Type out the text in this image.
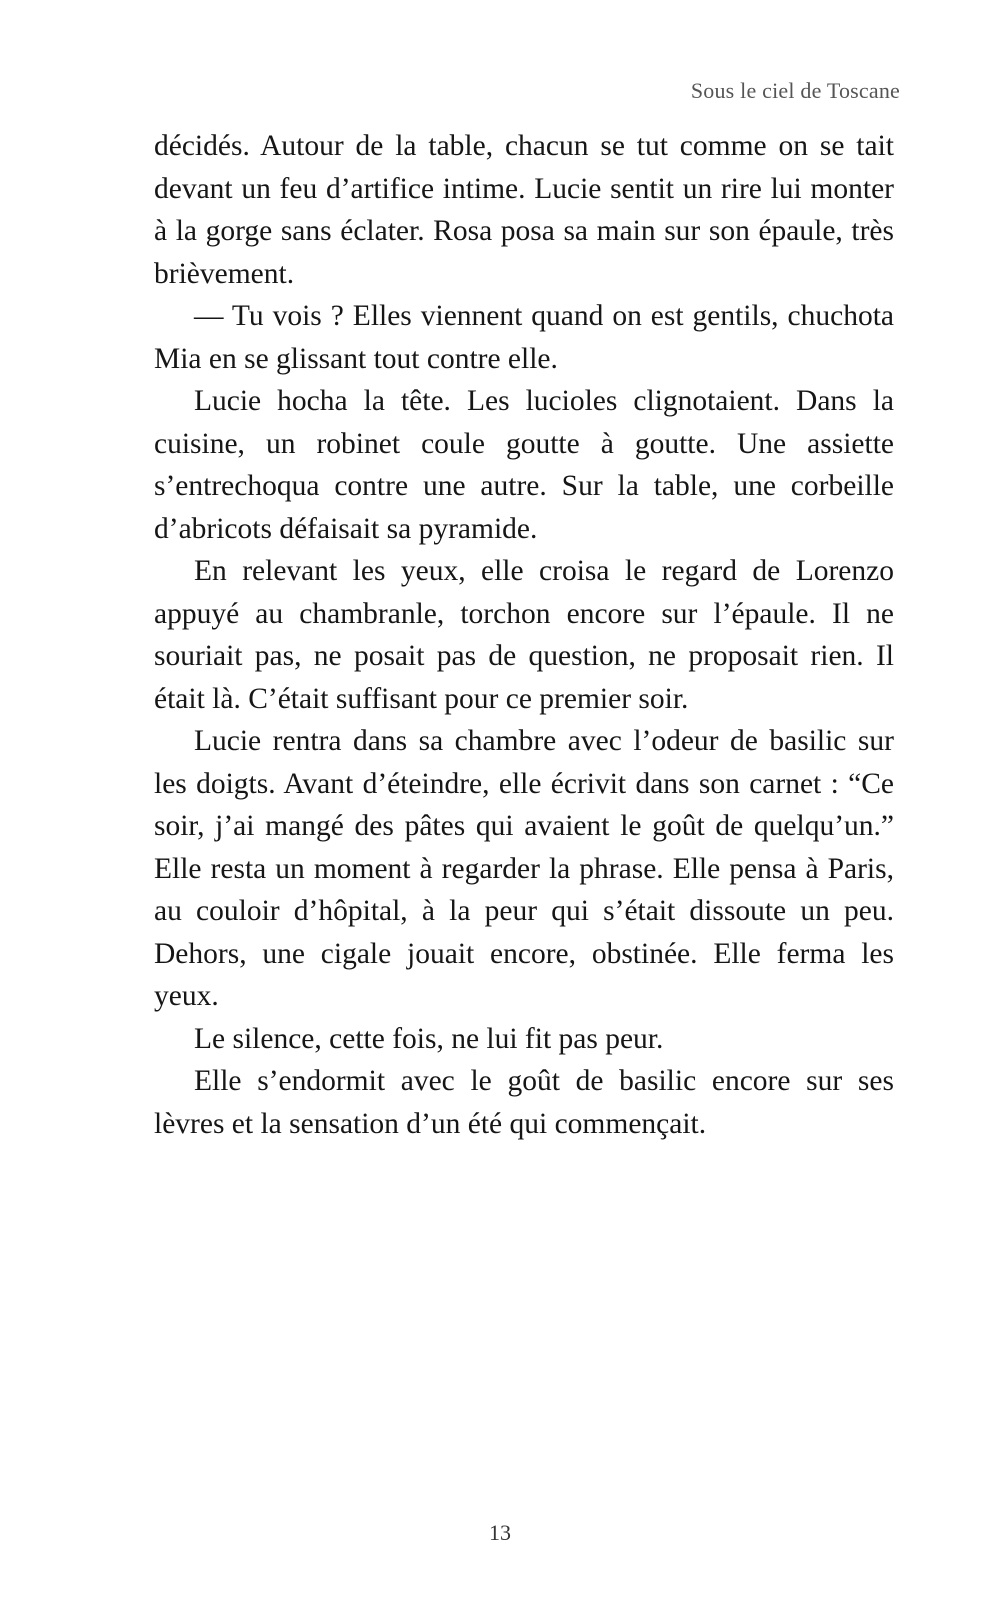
Sous le ciel de Toscane

décidés. Autour de la table, chacun se tut comme on se tait devant un feu d’artifice intime. Lucie sentit un rire lui monter à la gorge sans éclater. Rosa posa sa main sur son épaule, très brièvement.

— Tu vois ? Elles viennent quand on est gentils, chuchota Mia en se glissant tout contre elle.

Lucie hocha la tête. Les lucioles clignotaient. Dans la cuisine, un robinet coule goutte à goutte. Une assiette s’entrechoqua contre une autre. Sur la table, une corbeille d’abricots défaisait sa pyramide.

En relevant les yeux, elle croisa le regard de Lorenzo appuyé au chambranle, torchon encore sur l’épaule. Il ne souriait pas, ne posait pas de question, ne proposait rien. Il était là. C’était suffisant pour ce premier soir.

Lucie rentra dans sa chambre avec l’odeur de basilic sur les doigts. Avant d’éteindre, elle écrivit dans son carnet : “Ce soir, j’ai mangé des pâtes qui avaient le goût de quelqu’un.” Elle resta un moment à regarder la phrase. Elle pensa à Paris, au couloir d’hôpital, à la peur qui s’était dissoute un peu. Dehors, une cigale jouait encore, obstinée. Elle ferma les yeux.

Le silence, cette fois, ne lui fit pas peur.

Elle s’endormit avec le goût de basilic encore sur ses lèvres et la sensation d’un été qui commençait.

13
